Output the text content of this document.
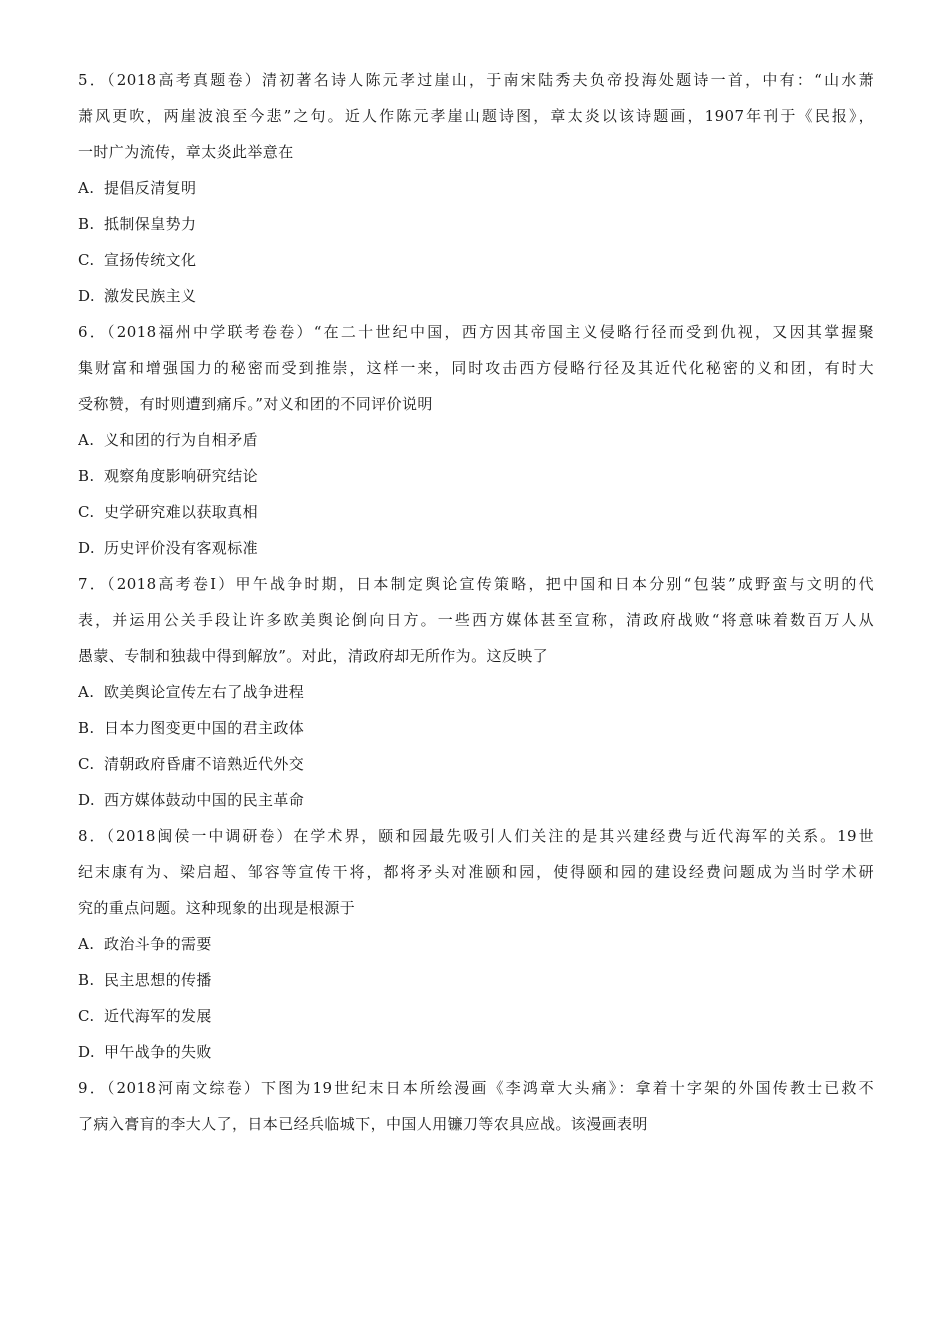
5．（2018高考真题卷）清初著名诗人陈元孝过崖山，于南宋陆秀夫负帝投海处题诗一首，中有：“山水萧
萧风更吹，两崖波浪至今悲”之句。近人作陈元孝崖山题诗图，章太炎以该诗题画，1907年刊于《民报》，
一时广为流传，章太炎此举意在
A. 提倡反清复明
B. 抵制保皇势力
C. 宣扬传统文化
D. 激发民族主义
6．（2018福州中学联考卷卷）“在二十世纪中国，西方因其帝国主义侵略行径而受到仇视，又因其掌握聚
集财富和增强国力的秘密而受到推崇，这样一来，同时攻击西方侵略行径及其近代化秘密的义和团，有时大
受称赞，有时则遭到痛斥。”对义和团的不同评价说明
A. 义和团的行为自相矛盾
B. 观察角度影响研究结论
C. 史学研究难以获取真相
D. 历史评价没有客观标准
7．（2018高考卷Ⅰ）甲午战争时期，日本制定舆论宣传策略，把中国和日本分别“包装”成野蛮与文明的代
表，并运用公关手段让许多欧美舆论倒向日方。一些西方媒体甚至宣称，清政府战败“将意味着数百万人从
愚蒙、专制和独裁中得到解放”。对此，清政府却无所作为。这反映了
A. 欧美舆论宣传左右了战争进程
B. 日本力图变更中国的君主政体
C. 清朝政府昏庸不谙熟近代外交
D. 西方媒体鼓动中国的民主革命
8．（2018闽侯一中调研卷）在学术界，颐和园最先吸引人们关注的是其兴建经费与近代海军的关系。19世
纪末康有为、梁启超、邹容等宣传干将，都将矛头对准颐和园，使得颐和园的建设经费问题成为当时学术研
究的重点问题。这种现象的出现是根源于
A. 政治斗争的需要
B. 民主思想的传播
C. 近代海军的发展
D. 甲午战争的失败
9．（2018河南文综卷）下图为19世纪末日本所绘漫画《李鸿章大头痛》：拿着十字架的外国传教士已救不
了病入膏肓的李大人了，日本已经兵临城下，中国人用镰刀等农具应战。该漫画表明
